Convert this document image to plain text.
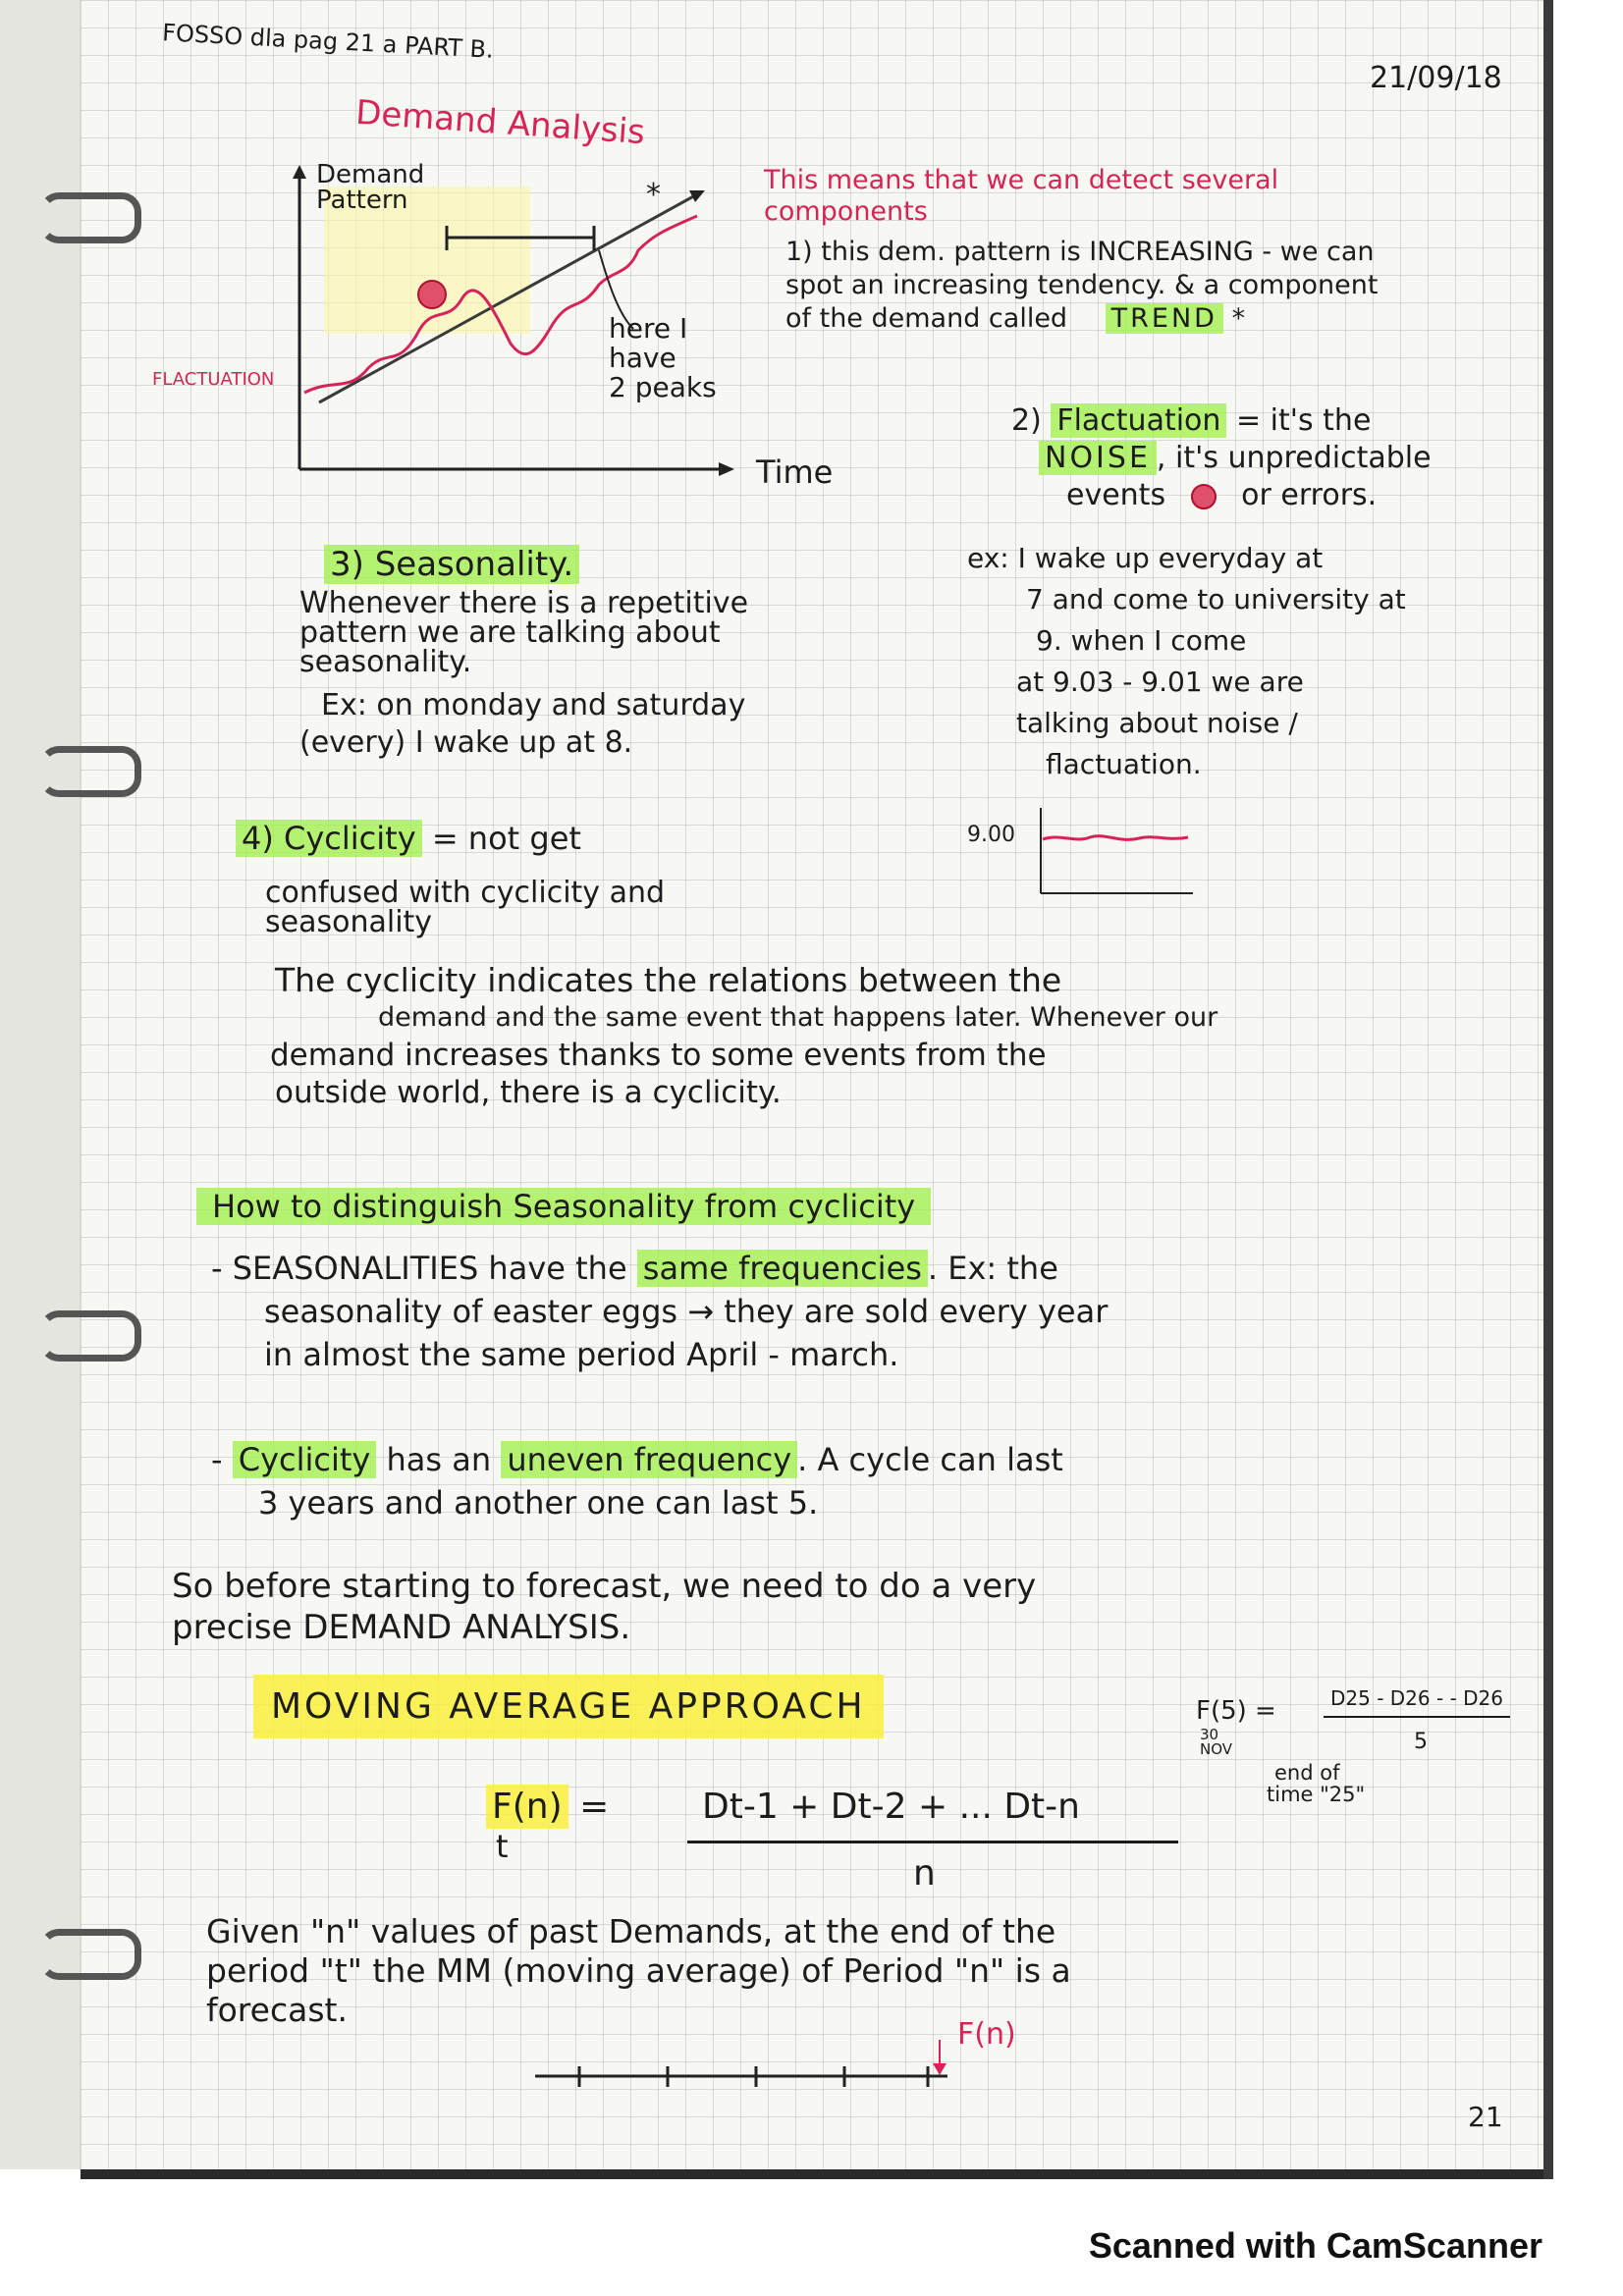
FOSSO dla pag 21 a PART B.
21/09/18
Demand Analysis
*
Demand
Pattern
Time
FLACTUATION
here I
have
2 peaks
This means that we can detect several
components
1) this dem. pattern is INCREASING - we can
spot an increasing tendency. & a component
of the demand called TREND *
2) Flactuation = it's the
NOISE , it's unpredictable
events	or errors.
ex: I wake up everyday at
7 and come to university at
9. when I come
at 9.03 - 9.01 we are
talking about noise /
flactuation.
9.00
3) Seasonality.
Whenever there is a repetitive
pattern we are talking about
seasonality.
Ex: on monday and saturday
(every) I wake up at 8.
4) Cyclicity = not get
confused with cyclicity and
seasonality
The cyclicity indicates the relations between the
demand and the same event that happens later. Whenever our
demand increases thanks to some events from the
outside world, there is a cyclicity.
How to distinguish Seasonality from cyclicity
- SEASONALITIES have the same frequencies . Ex: the
seasonality of easter eggs → they are sold every year
in almost the same period April - march.
- Cyclicity has an uneven frequency . A cycle can last
3 years and another one can last 5.
So before starting to forecast, we need to do a very
precise DEMAND ANALYSIS.
MOVING AVERAGE APPROACH
F(n) =
t
Dt-1 + Dt-2 + ... Dt-n
n
F(5) =	D25 - D26 - - D26
5
30 NOV
end of
time "25"
Given "n" values of past Demands, at the end of the
period "t" the MM (moving average) of Period "n" is a
forecast.
F(n)
21
Scanned with CamScanner
